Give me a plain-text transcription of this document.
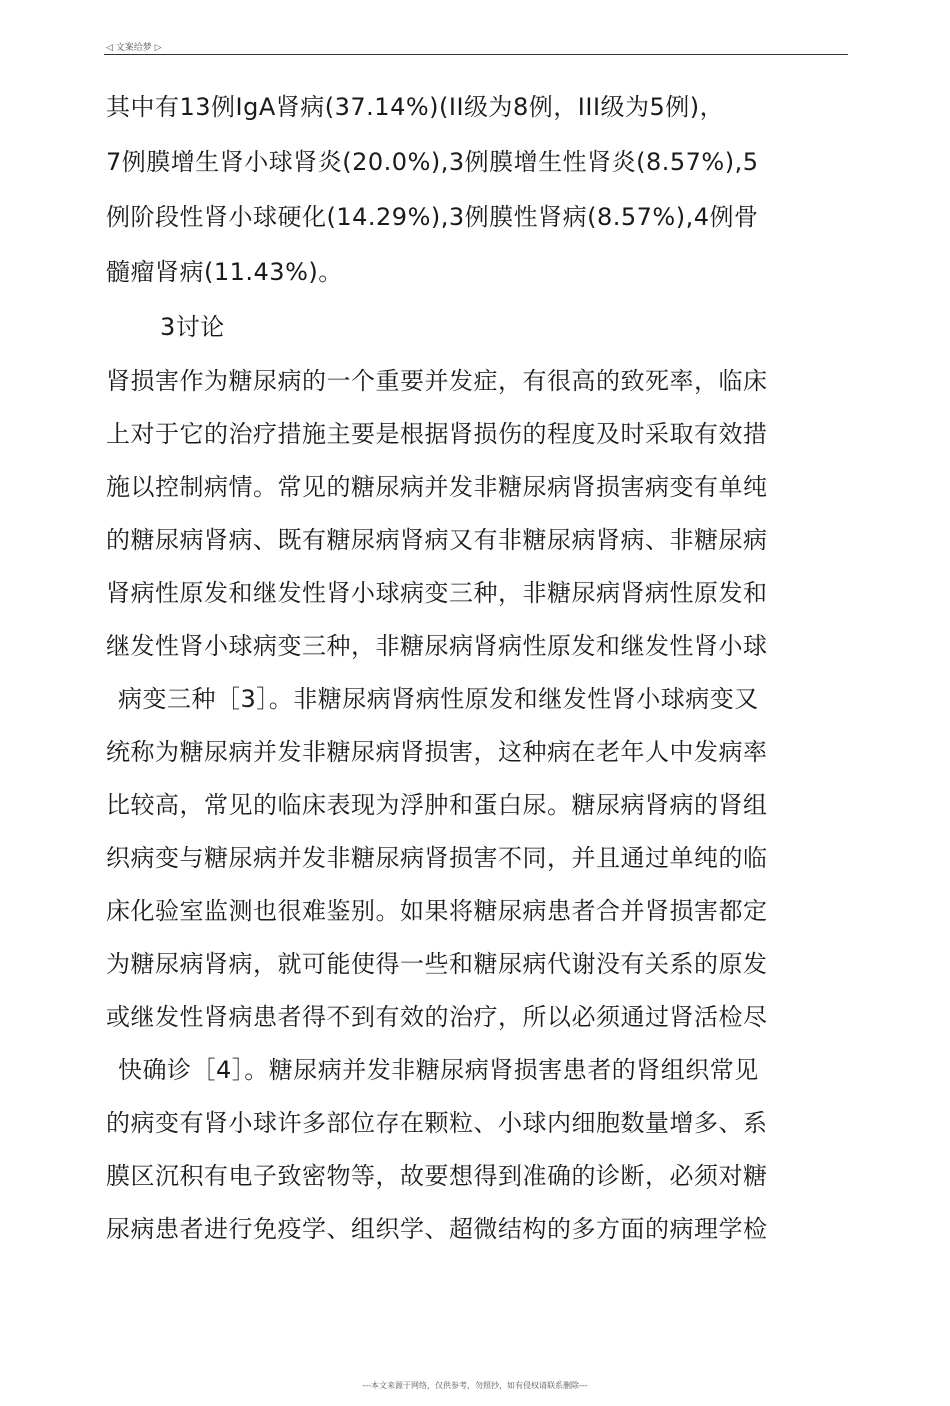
◁ 文案给梦 ▷
其中有13例IgA肾病(37.14%)(II级为8例，III级为5例)，
7例膜增生肾小球肾炎(20.0%),3例膜增生性肾炎(8.57%),5
例阶段性肾小球硬化(14.29%),3例膜性肾病(8.57%),4例骨
髓瘤肾病(11.43%)。
3讨论
肾损害作为糖尿病的一个重要并发症，有很高的致死率，临床
上对于它的治疗措施主要是根据肾损伤的程度及时采取有效措
施以控制病情。常见的糖尿病并发非糖尿病肾损害病变有单纯
的糖尿病肾病、既有糖尿病肾病又有非糖尿病肾病、非糖尿病
肾病性原发和继发性肾小球病变三种，非糖尿病肾病性原发和
继发性肾小球病变三种，非糖尿病肾病性原发和继发性肾小球
病变三种［3］。非糖尿病肾病性原发和继发性肾小球病变又
统称为糖尿病并发非糖尿病肾损害，这种病在老年人中发病率
比较高，常见的临床表现为浮肿和蛋白尿。糖尿病肾病的肾组
织病变与糖尿病并发非糖尿病肾损害不同，并且通过单纯的临
床化验室监测也很难鉴别。如果将糖尿病患者合并肾损害都定
为糖尿病肾病，就可能使得一些和糖尿病代谢没有关系的原发
或继发性肾病患者得不到有效的治疗，所以必须通过肾活检尽
快确诊［4］。糖尿病并发非糖尿病肾损害患者的肾组织常见
的病变有肾小球许多部位存在颗粒、小球内细胞数量增多、系
膜区沉积有电子致密物等，故要想得到准确的诊断，必须对糖
尿病患者进行免疫学、组织学、超微结构的多方面的病理学检
---本文来源于网络，仅供参考，勿照抄，如有侵权请联系删除---
